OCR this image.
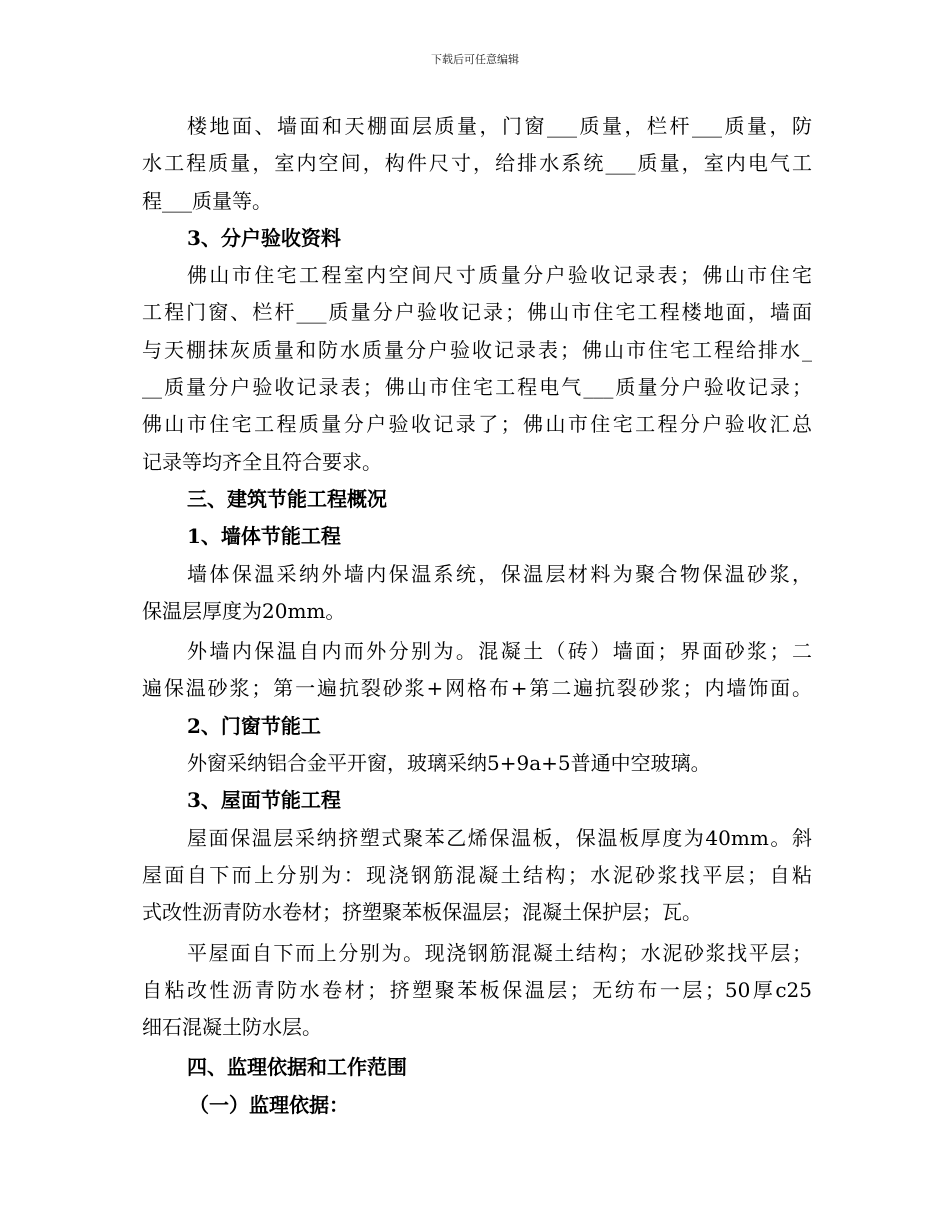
下载后可任意编辑
楼地面、墙面和天棚面层质量，门窗___质量，栏杆___质量，防
水工程质量，室内空间，构件尺寸，给排水系统___质量，室内电气工
程___质量等。
3、分户验收资料
佛山市住宅工程室内空间尺寸质量分户验收记录表；佛山市住宅
工程门窗、栏杆___质量分户验收记录；佛山市住宅工程楼地面，墙面
与天棚抹灰质量和防水质量分户验收记录表；佛山市住宅工程给排水_
__质量分户验收记录表；佛山市住宅工程电气___质量分户验收记录；
佛山市住宅工程质量分户验收记录了；佛山市住宅工程分户验收汇总
记录等均齐全且符合要求。
三、建筑节能工程概况
1、墙体节能工程
墙体保温采纳外墙内保温系统，保温层材料为聚合物保温砂浆，
保温层厚度为20mm。
外墙内保温自内而外分别为。混凝土（砖）墙面；界面砂浆；二
遍保温砂浆；第一遍抗裂砂浆+网格布+第二遍抗裂砂浆；内墙饰面。
2、门窗节能工
外窗采纳铝合金平开窗，玻璃采纳5+9a+5普通中空玻璃。
3、屋面节能工程
屋面保温层采纳挤塑式聚苯乙烯保温板，保温板厚度为40mm。斜
屋面自下而上分别为：现浇钢筋混凝土结构；水泥砂浆找平层；自粘
式改性沥青防水卷材；挤塑聚苯板保温层；混凝土保护层；瓦。
平屋面自下而上分别为。现浇钢筋混凝土结构；水泥砂浆找平层；
自粘改性沥青防水卷材；挤塑聚苯板保温层；无纺布一层；50厚c25
细石混凝土防水层。
四、监理依据和工作范围
（一）监理依据：
